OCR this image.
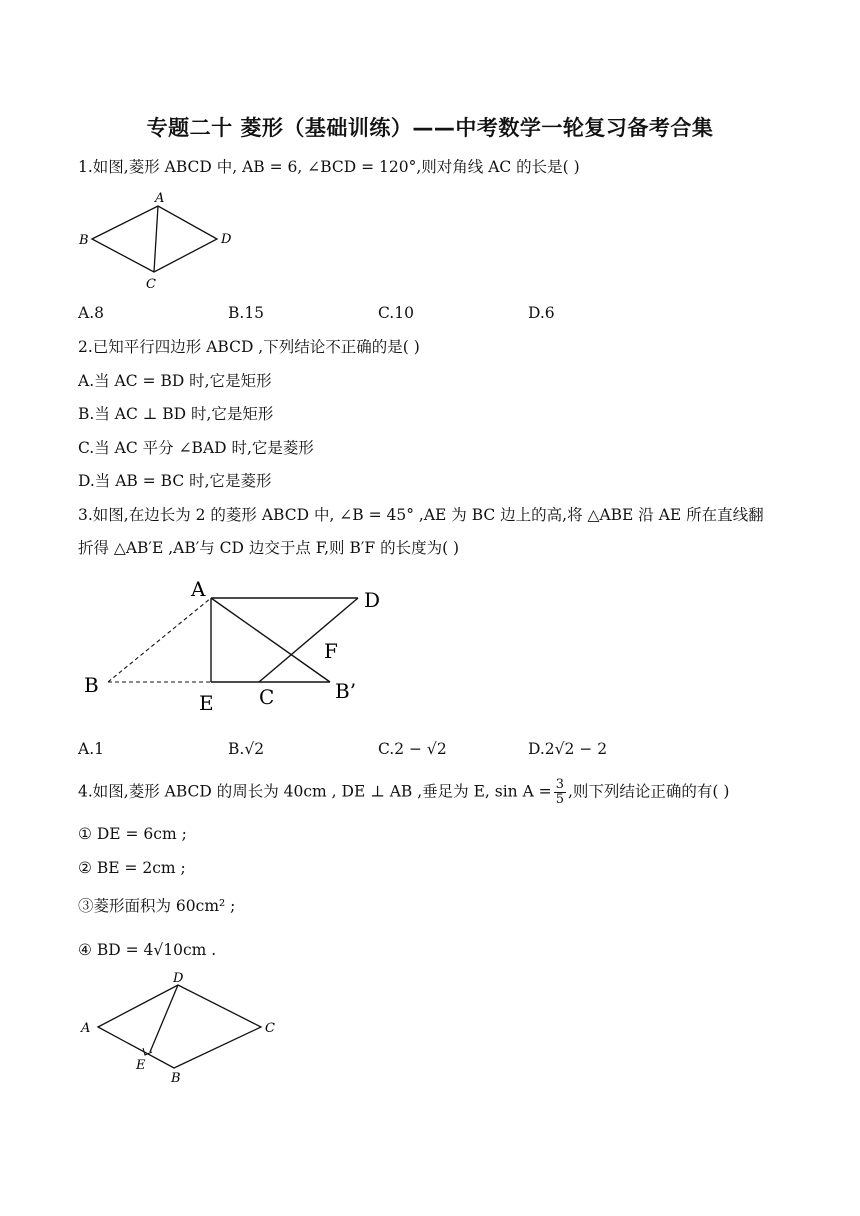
专题二十 菱形（基础训练）——中考数学一轮复习备考合集
1.如图,菱形 ABCD 中, AB = 6, ∠BCD = 120°,则对角线 AC 的长是( )
A
B
C
D
A.8	B.15	C.10	D.6
2.已知平行四边形 ABCD ,下列结论不正确的是( )
A.当 AC = BD 时,它是矩形
B.当 AC ⊥ BD 时,它是矩形
C.当 AC 平分 ∠BAD 时,它是菱形
D.当 AB = BC 时,它是菱形
3.如图,在边长为 2 的菱形 ABCD 中, ∠B = 45° ,AE 为 BC 边上的高,将 △ABE 沿 AE 所在直线翻
折得 △AB′E ,AB′与 CD 边交于点 F,则 B′F 的长度为( )
A	D
F
B
E C	B’
A.1	B.√2	C.2 − √2	D.2√2 − 2
4.如图,菱形 ABCD 的周长为 40cm , DE ⊥ AB ,垂足为 E, $\sin A = \frac{3}{5}$ ,则下列结论正确的有( )
① DE = 6cm ;
② BE = 2cm ;
③菱形面积为 60cm² ;
④ BD = 4√10cm .
A
D
C
E
B
